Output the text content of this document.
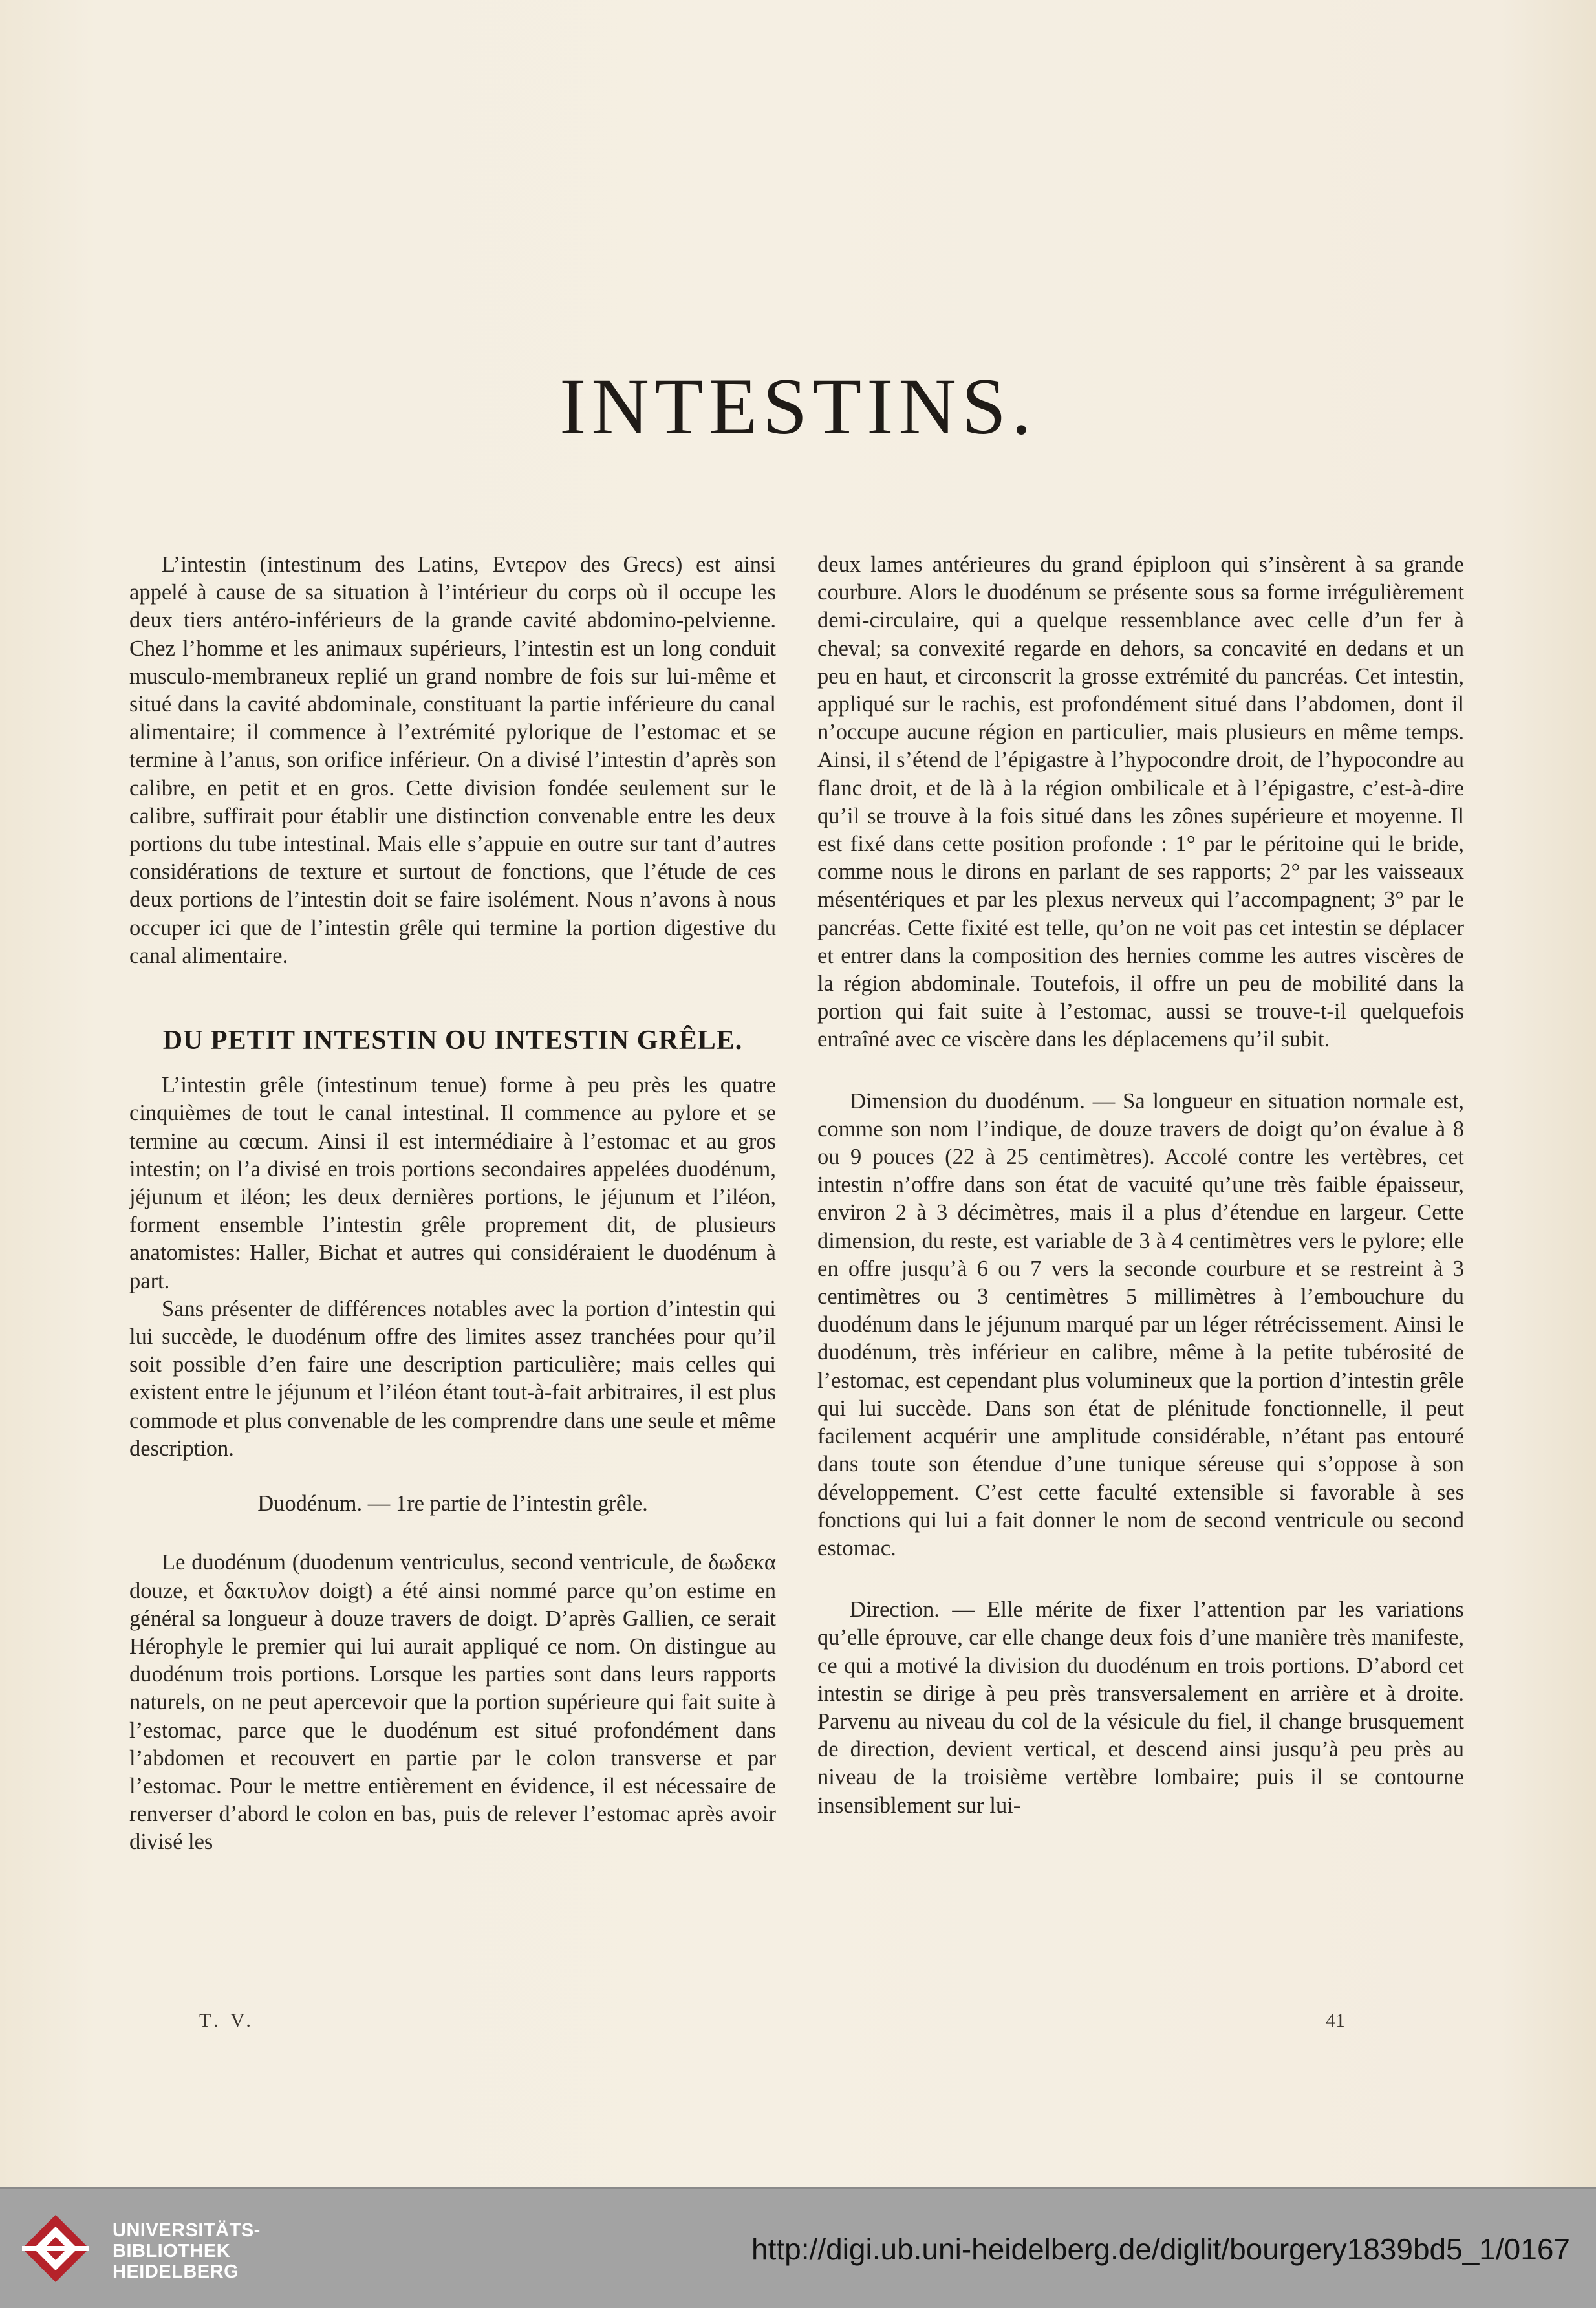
INTESTINS.

L’intestin (intestinum des Latins, Εντερον des Grecs) est ainsi appelé à cause de sa situation à l’intérieur du corps où il occupe les deux tiers antéro-inférieurs de la grande cavité abdomino-pelvienne. Chez l’homme et les animaux supérieurs, l’intestin est un long conduit musculo-membraneux replié un grand nombre de fois sur lui-même et situé dans la cavité abdominale, constituant la partie inférieure du canal alimentaire; il commence à l’extrémité pylorique de l’estomac et se termine à l’anus, son orifice inférieur. On a divisé l’intestin d’après son calibre, en petit et en gros. Cette division fondée seulement sur le calibre, suffirait pour établir une distinction convenable entre les deux portions du tube intestinal. Mais elle s’appuie en outre sur tant d’autres considérations de texture et surtout de fonctions, que l’étude de ces deux portions de l’intestin doit se faire isolément. Nous n’avons à nous occuper ici que de l’intestin grêle qui termine la portion digestive du canal alimentaire.

DU PETIT INTESTIN OU INTESTIN GRÊLE.

L’intestin grêle (intestinum tenue) forme à peu près les quatre cinquièmes de tout le canal intestinal. Il commence au pylore et se termine au cœcum. Ainsi il est intermédiaire à l’estomac et au gros intestin; on l’a divisé en trois portions secondaires appelées duodénum, jéjunum et iléon; les deux dernières portions, le jéjunum et l’iléon, forment ensemble l’intestin grêle proprement dit, de plusieurs anatomistes: Haller, Bichat et autres qui considéraient le duodénum à part.

Sans présenter de différences notables avec la portion d’intestin qui lui succède, le duodénum offre des limites assez tranchées pour qu’il soit possible d’en faire une description particulière; mais celles qui existent entre le jéjunum et l’iléon étant tout-à-fait arbitraires, il est plus commode et plus convenable de les comprendre dans une seule et même description.

Duodénum. — 1re partie de l’intestin grêle.

Le duodénum (duodenum ventriculus, second ventricule, de δωδεκα douze, et δακτυλον doigt) a été ainsi nommé parce qu’on estime en général sa longueur à douze travers de doigt. D’après Gallien, ce serait Hérophyle le premier qui lui aurait appliqué ce nom. On distingue au duodénum trois portions. Lorsque les parties sont dans leurs rapports naturels, on ne peut apercevoir que la portion supérieure qui fait suite à l’estomac, parce que le duodénum est situé profondément dans l’abdomen et recouvert en partie par le colon transverse et par l’estomac. Pour le mettre entièrement en évidence, il est nécessaire de renverser d’abord le colon en bas, puis de relever l’estomac après avoir divisé les

deux lames antérieures du grand épiploon qui s’insèrent à sa grande courbure. Alors le duodénum se présente sous sa forme irrégulièrement demi-circulaire, qui a quelque ressemblance avec celle d’un fer à cheval; sa convexité regarde en dehors, sa concavité en dedans et un peu en haut, et circonscrit la grosse extrémité du pancréas. Cet intestin, appliqué sur le rachis, est profondément situé dans l’abdomen, dont il n’occupe aucune région en particulier, mais plusieurs en même temps. Ainsi, il s’étend de l’épigastre à l’hypocondre droit, de l’hypocondre au flanc droit, et de là à la région ombilicale et à l’épigastre, c’est-à-dire qu’il se trouve à la fois situé dans les zônes supérieure et moyenne. Il est fixé dans cette position profonde : 1° par le péritoine qui le bride, comme nous le dirons en parlant de ses rapports; 2° par les vaisseaux mésentériques et par les plexus nerveux qui l’accompagnent; 3° par le pancréas. Cette fixité est telle, qu’on ne voit pas cet intestin se déplacer et entrer dans la composition des hernies comme les autres viscères de la région abdominale. Toutefois, il offre un peu de mobilité dans la portion qui fait suite à l’estomac, aussi se trouve-t-il quelquefois entraîné avec ce viscère dans les déplacemens qu’il subit.

Dimension du duodénum. — Sa longueur en situation normale est, comme son nom l’indique, de douze travers de doigt qu’on évalue à 8 ou 9 pouces (22 à 25 centimètres). Accolé contre les vertèbres, cet intestin n’offre dans son état de vacuité qu’une très faible épaisseur, environ 2 à 3 décimètres, mais il a plus d’étendue en largeur. Cette dimension, du reste, est variable de 3 à 4 centimètres vers le pylore; elle en offre jusqu’à 6 ou 7 vers la seconde courbure et se restreint à 3 centimètres ou 3 centimètres 5 millimètres à l’embouchure du duodénum dans le jéjunum marqué par un léger rétrécissement. Ainsi le duodénum, très inférieur en calibre, même à la petite tubérosité de l’estomac, est cependant plus volumineux que la portion d’intestin grêle qui lui succède. Dans son état de plénitude fonctionnelle, il peut facilement acquérir une amplitude considérable, n’étant pas entouré dans toute son étendue d’une tunique séreuse qui s’oppose à son développement. C’est cette faculté extensible si favorable à ses fonctions qui lui a fait donner le nom de second ventricule ou second estomac.

Direction. — Elle mérite de fixer l’attention par les variations qu’elle éprouve, car elle change deux fois d’une manière très manifeste, ce qui a motivé la division du duodénum en trois portions. D’abord cet intestin se dirige à peu près transversalement en arrière et à droite. Parvenu au niveau du col de la vésicule du fiel, il change brusquement de direction, devient vertical, et descend ainsi jusqu’à peu près au niveau de la troisième vertèbre lombaire; puis il se contourne insensiblement sur lui-

T. V.	41
UNIVERSITÄTS-
BIBLIOTHEK
HEIDELBERG
http://digi.ub.uni-heidelberg.de/diglit/bourgery1839bd5_1/0167
